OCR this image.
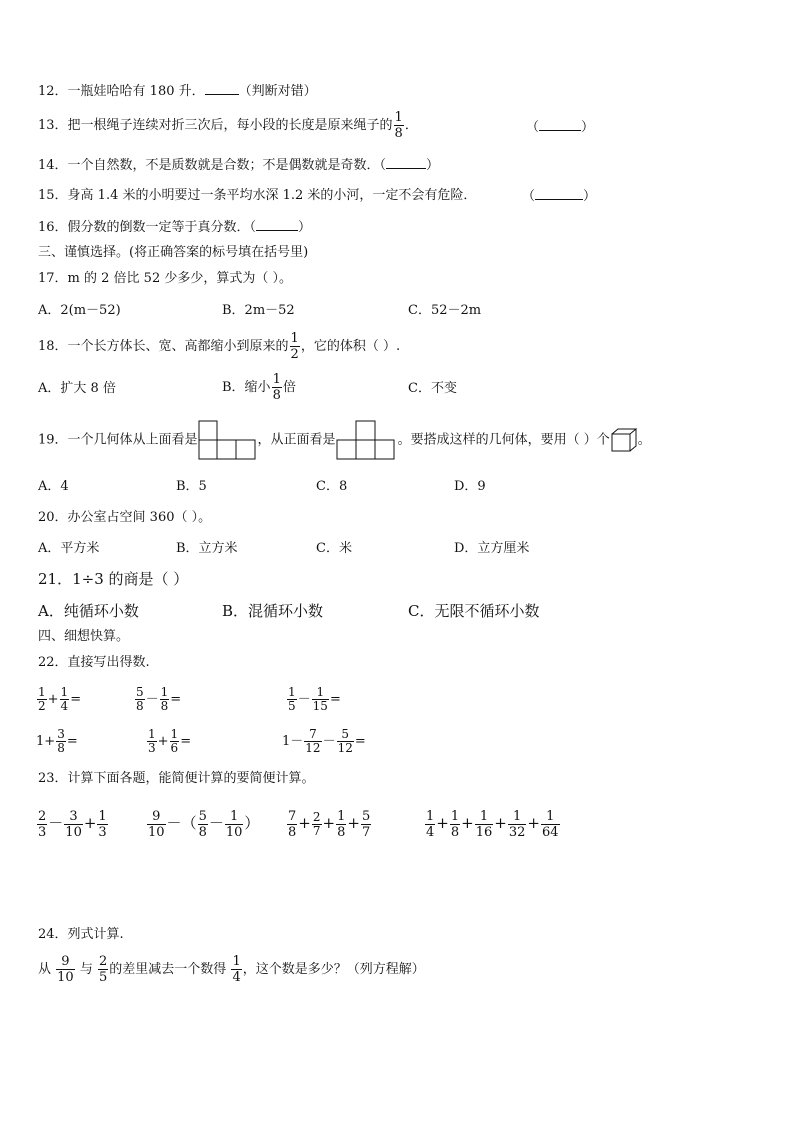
12．一瓶娃哈哈有 180 升．	（判断对错）
13．把一根绳子连续对折三次后，每小段的长度是原来绳子的 $\frac{1}{8}$ ．	（	）
14．一个自然数，不是质数就是合数；不是偶数就是奇数．（	）
15．身高 1.4 米的小明要过一条平均水深 1.2 米的小河，一定不会有危险．	（	）
16．假分数的倒数一定等于真分数．（	）
三、谨慎选择。(将正确答案的标号填在括号里)
17．m 的 2 倍比 52 少多少，算式为（ ）。
A．2(m－52)	B．2m－52	C．52－2m
18．一个长方体长、宽、高都缩小到原来的 $\frac{1}{2}$ ，它的体积（ ）.
A．扩大 8 倍	B．缩小 $\frac{1}{8}$ 倍	C．不变
19．一个几何体从上面看是	，从正面看是	。要搭成这样的几何体，要用（ ）个 。
A．4	B．5	C．8	D．9
20．办公室占空间 360（ ）。
A．平方米	B．立方米	C．米	D．立方厘米
21．1÷3 的商是（ ）
A．纯循环小数	B．混循环小数	C．无限不循环小数
四、细想快算。
22．直接写出得数.
$\frac{1}{2} + \frac{1}{4}$ =	$\frac{5}{8} - \frac{1}{8}$ =	$\frac{1}{5} - \frac{1}{15}$ =
$1+ \frac{3}{8}$ =	$\frac{1}{3} + \frac{1}{6}$ =	$1- \frac{7}{12} - \frac{5}{12}$ =
23．计算下面各题，能简便计算的要简便计算。
$\frac{2}{3} - \frac{3}{10} + \frac{1}{3}$	$\frac{9}{10}$ －（ $\frac{5}{8} - \frac{1}{10}$ ） $\frac{7}{8} + \frac{2}{7} + \frac{1}{8} + \frac{5}{7}$	$\frac{1}{4} + \frac{1}{8} + \frac{1}{16} + \frac{1}{32} + \frac{1}{64}$
24．列式计算.
从 $\frac{9}{10}$ 与 $\frac{2}{5}$ 的差里减去一个数得 $\frac{1}{4}$ ，这个数是多少？（列方程解）
